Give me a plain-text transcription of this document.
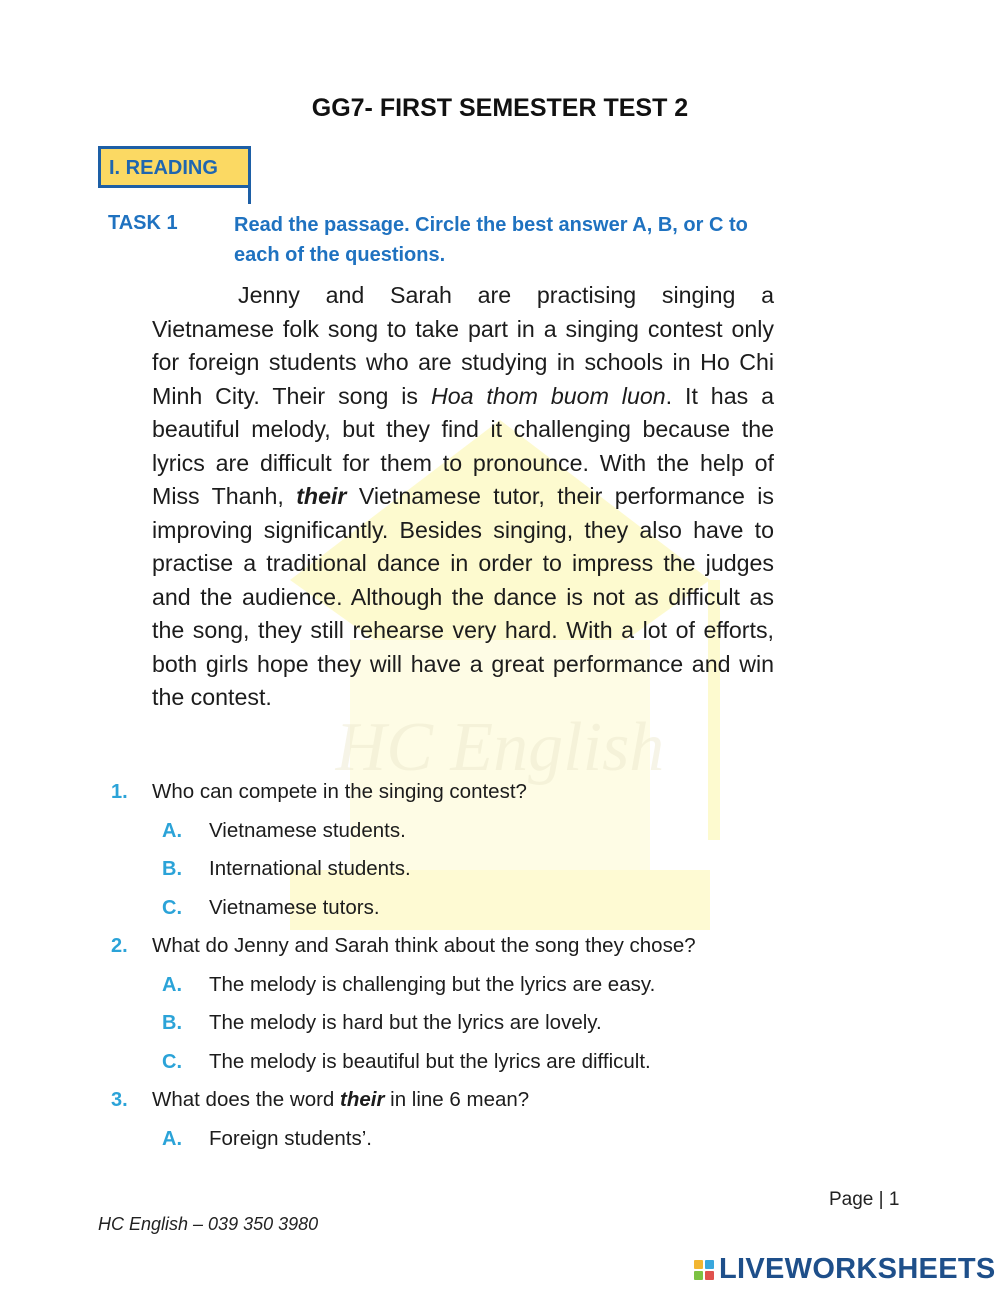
HC English
GG7- FIRST SEMESTER TEST 2
I. READING
TASK 1	Read the passage. Circle the best answer A, B, or C to
each of the questions.
Jenny and Sarah are practising singing a Vietnamese folk song to take part in a singing contest only for foreign students who are studying in schools in Ho Chi Minh City. Their song is Hoa thom buom luon. It has a beautiful melody, but they find it challenging because the lyrics are difficult for them to pronounce. With the help of Miss Thanh, their Vietnamese tutor, their performance is improving significantly. Besides singing, they also have to practise a traditional dance in order to impress the judges and the audience. Although the dance is not as difficult as the song, they still rehearse very hard. With a lot of efforts, both girls hope they will have a great performance and win the contest.
1. Who can compete in the singing contest?
A. Vietnamese students.
B. International students.
C. Vietnamese tutors.
2. What do Jenny and Sarah think about the song they chose?
A. The melody is challenging but the lyrics are easy.
B. The melody is hard but the lyrics are lovely.
C. The melody is beautiful but the lyrics are difficult.
3. What does the word their in line 6 mean?
A. Foreign students’.
Page | 1
HC English – 039 350 3980
LIVEWORKSHEETS
